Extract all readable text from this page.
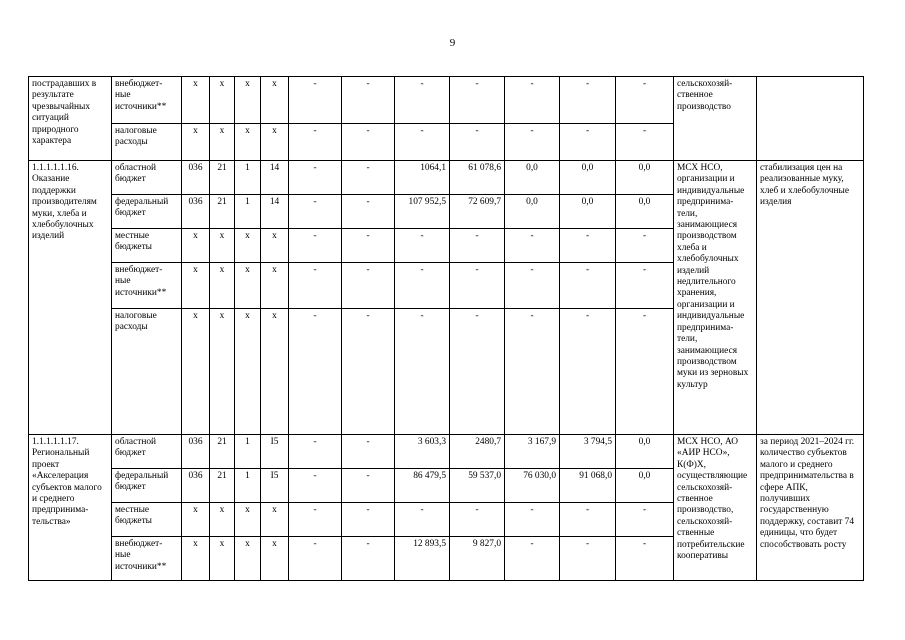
9
пострадавших в результате чрезвычайных ситуаций природного характера	внебюджет-
ные
источники**	х	х	х	х	-	-	-	-	-	-	-	сельскохозяй-
ственное
производство	

	налоговые
расходы	х	х	х	х	-	-	-	-	-	-	-		

1.1.1.1.1.16. Оказание поддержки производителям муки, хлеба и хлебобулочных изделий	областной
бюджет	036	21	1	14	-	-	1064,1	61 078,6	0,0	0,0	0,0	МСХ НСО, организации и индивидуальные предпринима-
тели, занимающиеся производством хлеба и хлебобулочных изделий недлительного хранения, организации и индивидуальные предпринима-
тели, занимающиеся производством муки из зерновых культур	стабилизация цен на реализованные муку, хлеб и хлебобулочные изделия

	федеральный
бюджет	036	21	1	14	-	-	107 952,5	72 609,7	0,0	0,0	0,0		

	местные
бюджеты	х	х	х	х	-	-	-	-	-	-	-		

	внебюджет-
ные
источники**	х	х	х	х	-	-	-	-	-	-	-		

	налоговые
расходы	х	х	х	х	-	-	-	-	-	-	-		

1.1.1.1.1.17. Региональный проект «Акселерация субъектов малого и среднего предпринима-
тельства»	областной
бюджет	036	21	1	I5	-	-	3 603,3	2480,7	3 167,9	3 794,5	0,0	МСХ НСО, АО «АИР НСО», К(Ф)Х, осуществляющие сельскохозяй-
ственное производство, сельскохозяй-
ственные потребительские кооперативы	за период 2021–2024 гг. количество субъектов малого и среднего предпринимательства в сфере АПК, получивших государственную поддержку, составит 74 единицы, что будет способствовать росту

	федеральный
бюджет	036	21	1	I5	-	-	86 479,5	59 537,0	76 030,0	91 068,0	0,0		

	местные
бюджеты	х	х	х	х	-	-	-	-	-	-	-		

	внебюджет-
ные
источники**	х	х	х	х	-	-	12 893,5	9 827,0	-	-	-		
